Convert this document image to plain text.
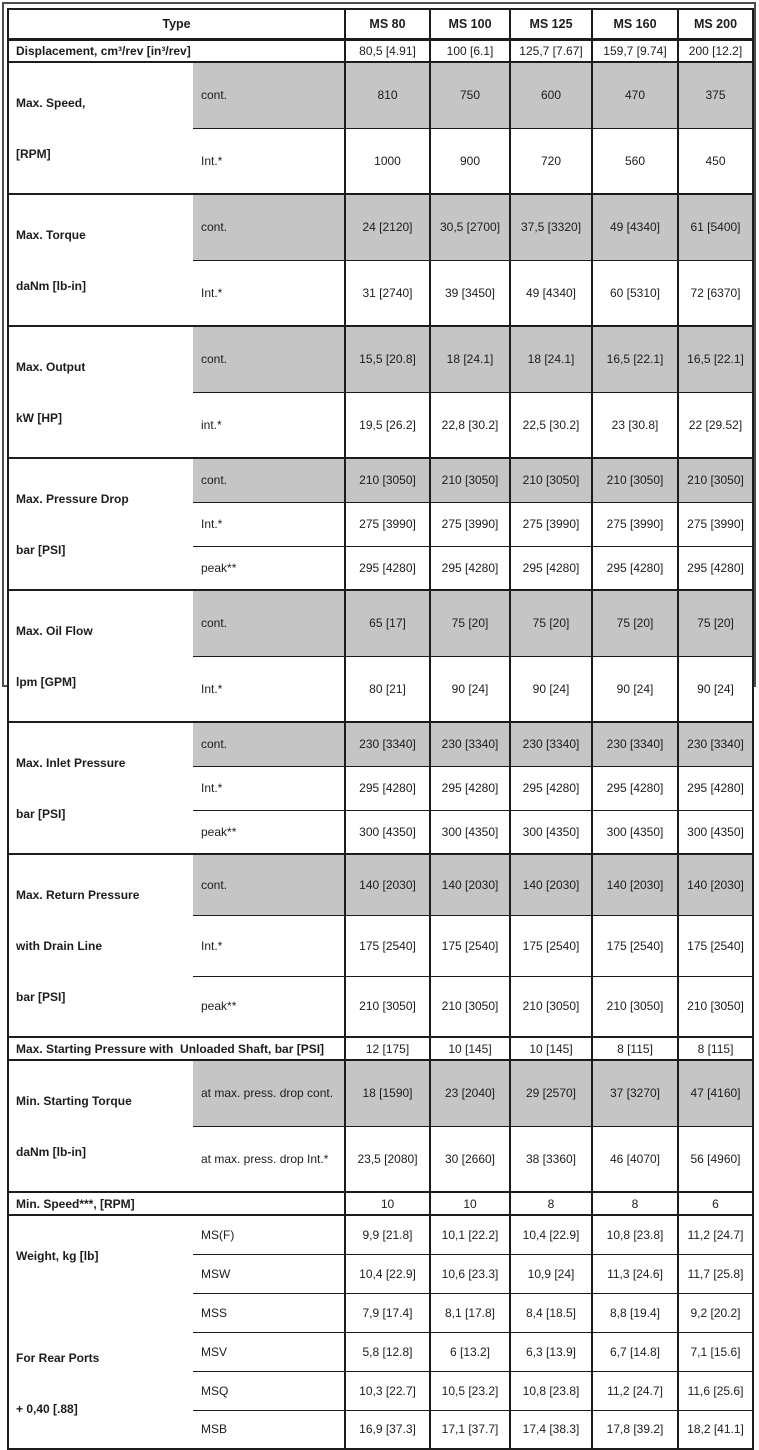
Type		MS 80	MS 100	MS 125	MS 160	MS 200
Displacement, cm³/rev [in³/rev]		80,5 [4.91]	100 [6.1]	125,7 [7.67]	159,7 [9.74]	200 [12.2]

Max. Speed,

[RPM]	cont.	810	750	600	470	375
	Int.*	1000	900	720	560	450

Max. Torque

daNm [lb-in]	cont.	24 [2120]	30,5 [2700]	37,5 [3320]	49 [4340]	61 [5400]
	Int.*	31 [2740]	39 [3450]	49 [4340]	60 [5310]	72 [6370]

Max. Output

kW [HP]	cont.	15,5 [20.8]	18 [24.1]	18 [24.1]	16,5 [22.1]	16,5 [22.1]
	int.*	19,5 [26.2]	22,8 [30.2]	22,5 [30.2]	23 [30.8]	22 [29.52]

Max. Pressure Drop

bar [PSI]	cont.	210 [3050]	210 [3050]	210 [3050]	210 [3050]	210 [3050]
	Int.*	275 [3990]	275 [3990]	275 [3990]	275 [3990]	275 [3990]
	peak**	295 [4280]	295 [4280]	295 [4280]	295 [4280]	295 [4280]

Max. Oil Flow

lpm [GPM]	cont.	65 [17]	75 [20]	75 [20]	75 [20]	75 [20]
	Int.*	80 [21]	90 [24]	90 [24]	90 [24]	90 [24]

Max. Inlet Pressure

bar [PSI]	cont.	230 [3340]	230 [3340]	230 [3340]	230 [3340]	230 [3340]
	Int.*	295 [4280]	295 [4280]	295 [4280]	295 [4280]	295 [4280]
	peak**	300 [4350]	300 [4350]	300 [4350]	300 [4350]	300 [4350]

Max. Return Pressure

with Drain Line

bar [PSI]	cont.	140 [2030]	140 [2030]	140 [2030]	140 [2030]	140 [2030]
	Int.*	175 [2540]	175 [2540]	175 [2540]	175 [2540]	175 [2540]
	peak**	210 [3050]	210 [3050]	210 [3050]	210 [3050]	210 [3050]
Max. Starting Pressure with  Unloaded Shaft, bar [PSI]		12 [175]	10 [145]	10 [145]	8 [115]	8 [115]

Min. Starting Torque

daNm [lb-in]	at max. press. drop cont.	18 [1590]	23 [2040]	29 [2570]	37 [3270]	47 [4160]
	at max. press. drop Int.*	23,5 [2080]	30 [2660]	38 [3360]	46 [4070]	56 [4960]
Min. Speed***, [RPM]		10	10	8	8	6

Weight, kg [lb]

For Rear Ports

+ 0,40 [.88]	MS(F)	9,9 [21.8]	10,1 [22.2]	10,4 [22.9]	10,8 [23.8]	11,2 [24.7]
	MSW	10,4 [22.9]	10,6 [23.3]	10,9 [24]	11,3 [24.6]	11,7 [25.8]
	MSS	7,9 [17.4]	8,1 [17.8]	8,4 [18.5]	8,8 [19.4]	9,2 [20.2]
	MSV	5,8 [12.8]	6 [13.2]	6,3 [13.9]	6,7 [14.8]	7,1 [15.6]
	MSQ	10,3 [22.7]	10,5 [23.2]	10,8 [23.8]	11,2 [24.7]	11,6 [25.6]
	MSB	16,9 [37.3]	17,1 [37.7]	17,4 [38.3]	17,8 [39.2]	18,2 [41.1]
